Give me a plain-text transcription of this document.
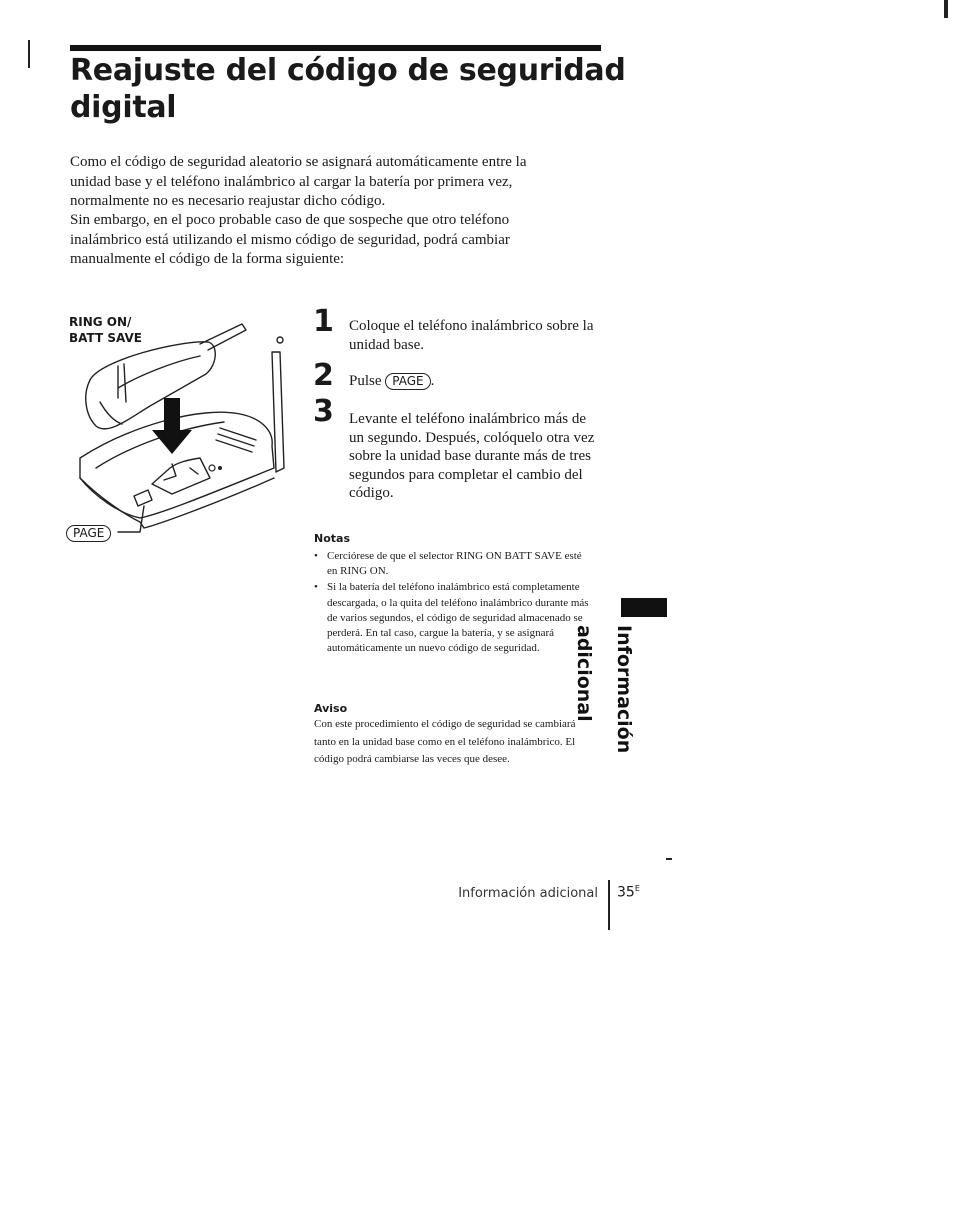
Reajuste del código de seguridad digital

Como el código de seguridad aleatorio se asignará automáticamente entre la unidad base y el teléfono inalámbrico al cargar la batería por primera vez, normalmente no es necesario reajustar dicho código.

Sin embargo, en el poco probable caso de que sospeche que otro teléfono inalámbrico está utilizando el mismo código de seguridad, podrá cambiar manualmente el código de la forma siguiente:

RING ON/
BATT SAVE
PAGE
1 Coloque el teléfono inalámbrico sobre la unidad base.
2 Pulse PAGE .
3 Levante el teléfono inalámbrico más de un segundo. Después, colóquelo otra vez sobre la unidad base durante más de tres segundos para completar el cambio del código.
Notas
• Cerciórese de que el selector RING ON BATT SAVE esté en RING ON.
• Si la batería del teléfono inalámbrico está completamente descargada, o la quita del teléfono inalámbrico durante más de varios segundos, el código de seguridad almacenado se perderá. En tal caso, cargue la batería, y se asignará automáticamente un nuevo código de seguridad.
Aviso
Con este procedimiento el código de seguridad se cambiará tanto en la unidad base como en el teléfono inalámbrico. El código podrá cambiarse las veces que desee.
Información adicional
Información adicional $35^E$
